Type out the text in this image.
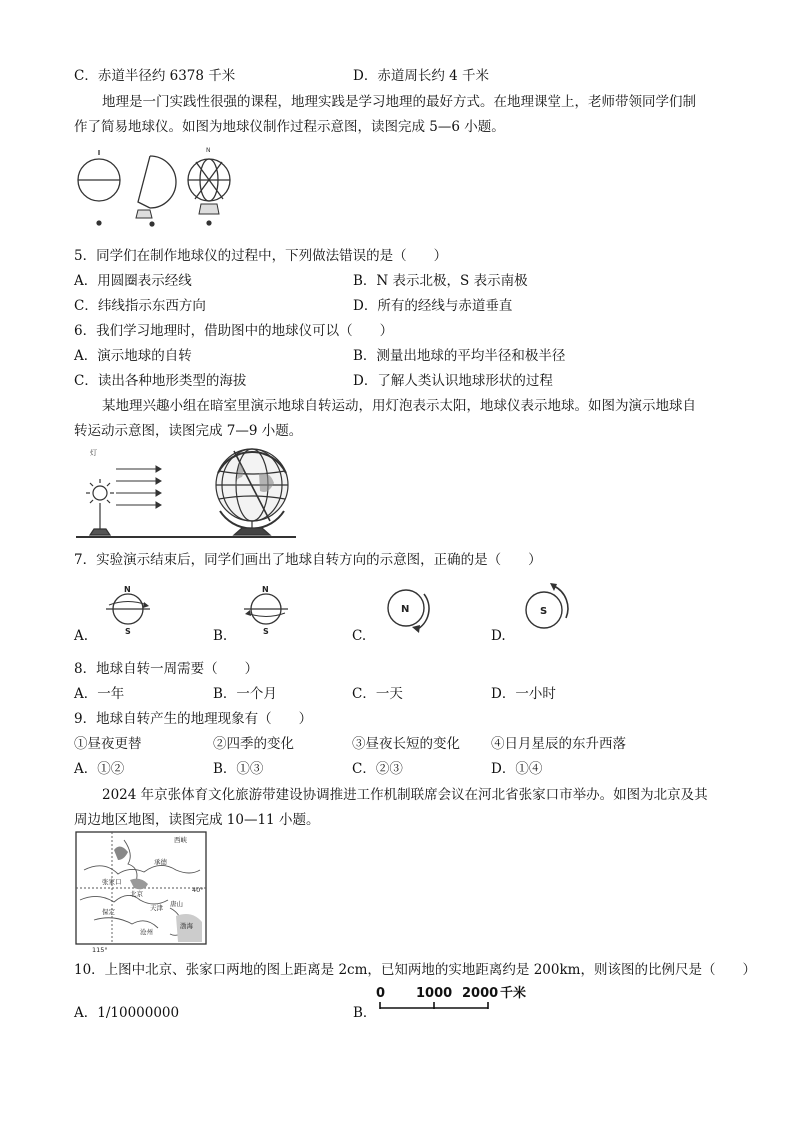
C．赤道半径约 6378 千米	D．赤道周长约 4 千米
地理是一门实践性很强的课程，地理实践是学习地理的最好方式。在地理课堂上，老师带领同学们制
作了简易地球仪。如图为地球仪制作过程示意图，读图完成 5—6 小题。
N
5．同学们在制作地球仪的过程中，下列做法错误的是（　　）
A．用圆圈表示经线	B．N 表示北极，S 表示南极
C．纬线指示东西方向	D．所有的经线与赤道垂直
6．我们学习地理时，借助图中的地球仪可以（　　）
A．演示地球的自转	B．测量出地球的平均半径和极半径
C．读出各种地形类型的海拔	D．了解人类认识地球形状的过程
某地理兴趣小组在暗室里演示地球自转运动，用灯泡表示太阳，地球仪表示地球。如图为演示地球自
转运动示意图，读图完成 7—9 小题。
灯
7．实验演示结束后，同学们画出了地球自转方向的示意图，正确的是（　　）
N
S
A.
N
S
B.
N
C.
S
D.
8．地球自转一周需要（　　）
A．一年	B．一个月	C．一天	D．一小时
9．地球自转产生的地理现象有（　　）
①昼夜更替	②四季的变化	③昼夜长短的变化 ④日月星辰的东升西落
A．①②	B．①③	C．②③	D．①④
2024 年京张体育文化旅游带建设协调推进工作机制联席会议在河北省张家口市举办。如图为北京及其
周边地区地图，读图完成 10—11 小题。
西峡
承德
张家口
北京
天津
保定
唐山
渤海
沧州
40°
115°
10．上图中北京、张家口两地的图上距离是 2cm，已知两地的实地距离约是 200km，则该图的比例尺是（　　）
A．1/10000000	B．
0 1000 2000 千米
